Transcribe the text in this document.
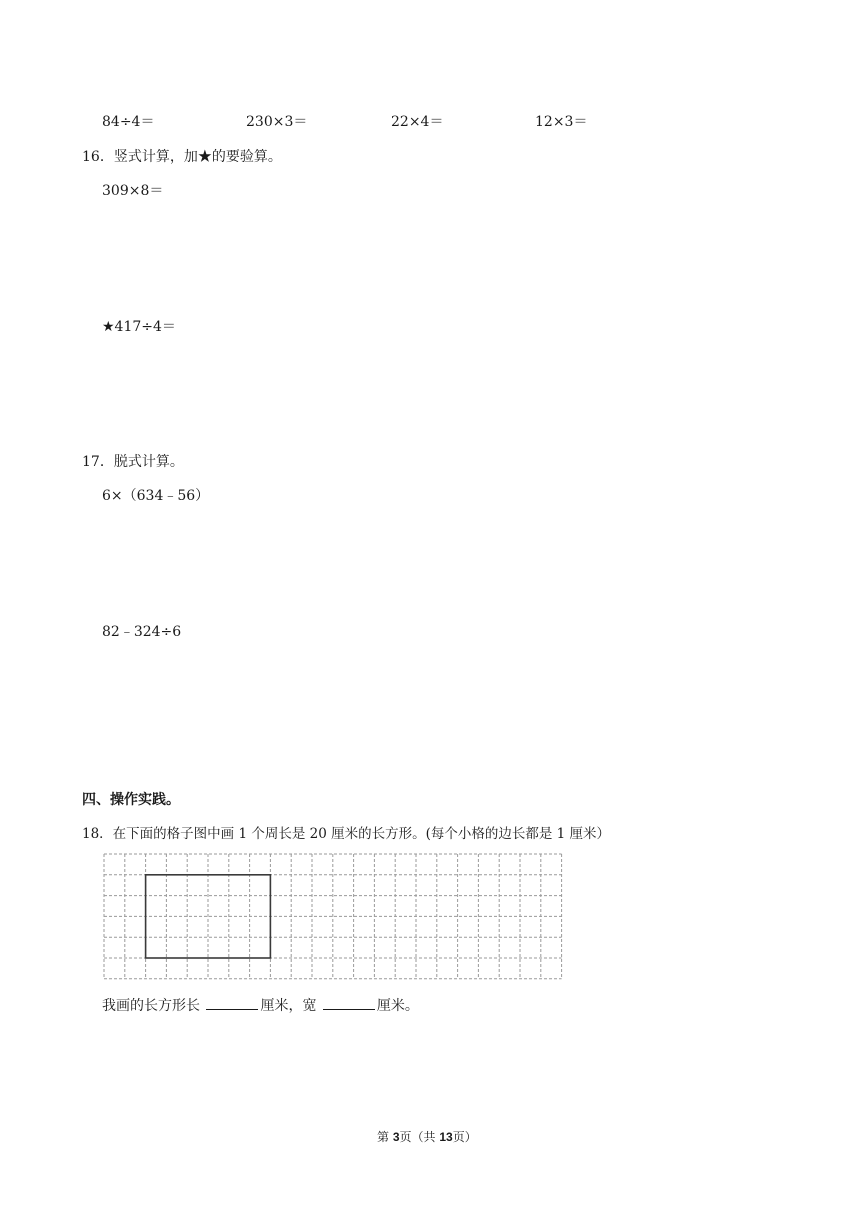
84÷4＝	230×3＝	22×4＝	12×3＝
16．竖式计算，加★的要验算。
309×8＝
★417÷4＝
17．脱式计算。
6×（634﹣56）
82﹣324÷6
四、操作实践。
18．在下面的格子图中画 1 个周长是 20 厘米的长方形。(每个小格的边长都是 1 厘米）
我画的长方形长	厘米，宽	厘米。
第 3页（共 13页）
